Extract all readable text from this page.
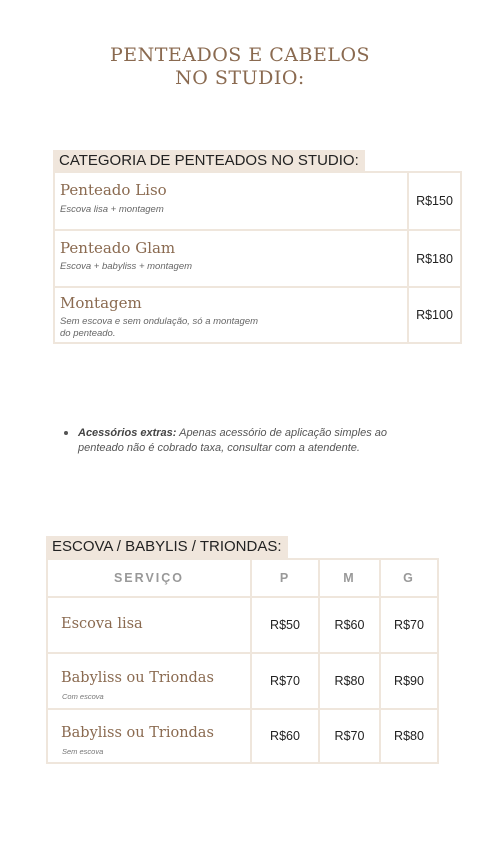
PENTEADOS E CABELOS
NO STUDIO:
CATEGORIA DE PENTEADOS NO STUDIO:
Penteado Liso
Escova lisa + montagem
R$150
Penteado Glam
Escova + babyliss + montagem
R$180
Montagem
Sem escova e sem ondulação, só a montagem do penteado.
R$100
Acessórios extras: Apenas acessório de aplicação simples ao penteado não é cobrado taxa, consultar com a atendente.
ESCOVA / BABYLIS / TRIONDAS:
SERVIÇO	P	M	G
Escova lisa	R$50	R$60	R$70
Babyliss ou Triondas
Com escova
R$70	R$80	R$90
Babyliss ou Triondas
Sem escova
R$60	R$70	R$80
